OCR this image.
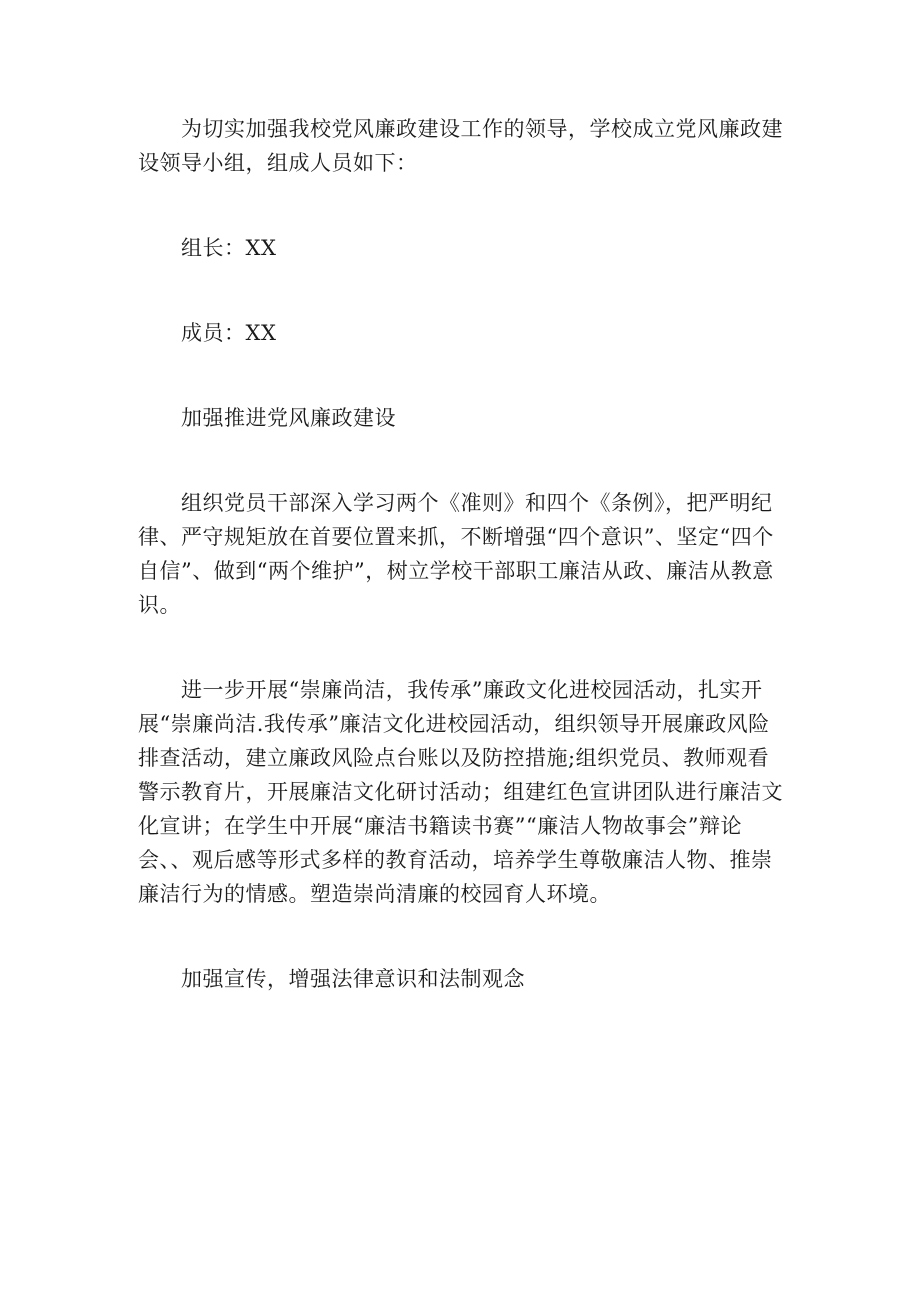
为切实加强我校党风廉政建设工作的领导，学校成立党风廉政建设领导小组，组成人员如下：

组长：XX

成员：XX

加强推进党风廉政建设

组织党员干部深入学习两个《准则》和四个《条例》，把严明纪律、严守规矩放在首要位置来抓，不断增强“四个意识”、坚定“四个自信”、做到“两个维护”，树立学校干部职工廉洁从政、廉洁从教意识。

进一步开展“崇廉尚洁，我传承”廉政文化进校园活动，扎实开展“崇廉尚洁.我传承”廉洁文化进校园活动，组织领导开展廉政风险排查活动，建立廉政风险点台账以及防控措施;组织党员、教师观看警示教育片，开展廉洁文化研讨活动；组建红色宣讲团队进行廉洁文化宣讲；在学生中开展“廉洁书籍读书赛”“廉洁人物故事会”辩论会、、观后感等形式多样的教育活动，培养学生尊敬廉洁人物、推崇廉洁行为的情感。塑造崇尚清廉的校园育人环境。

加强宣传，增强法律意识和法制观念
